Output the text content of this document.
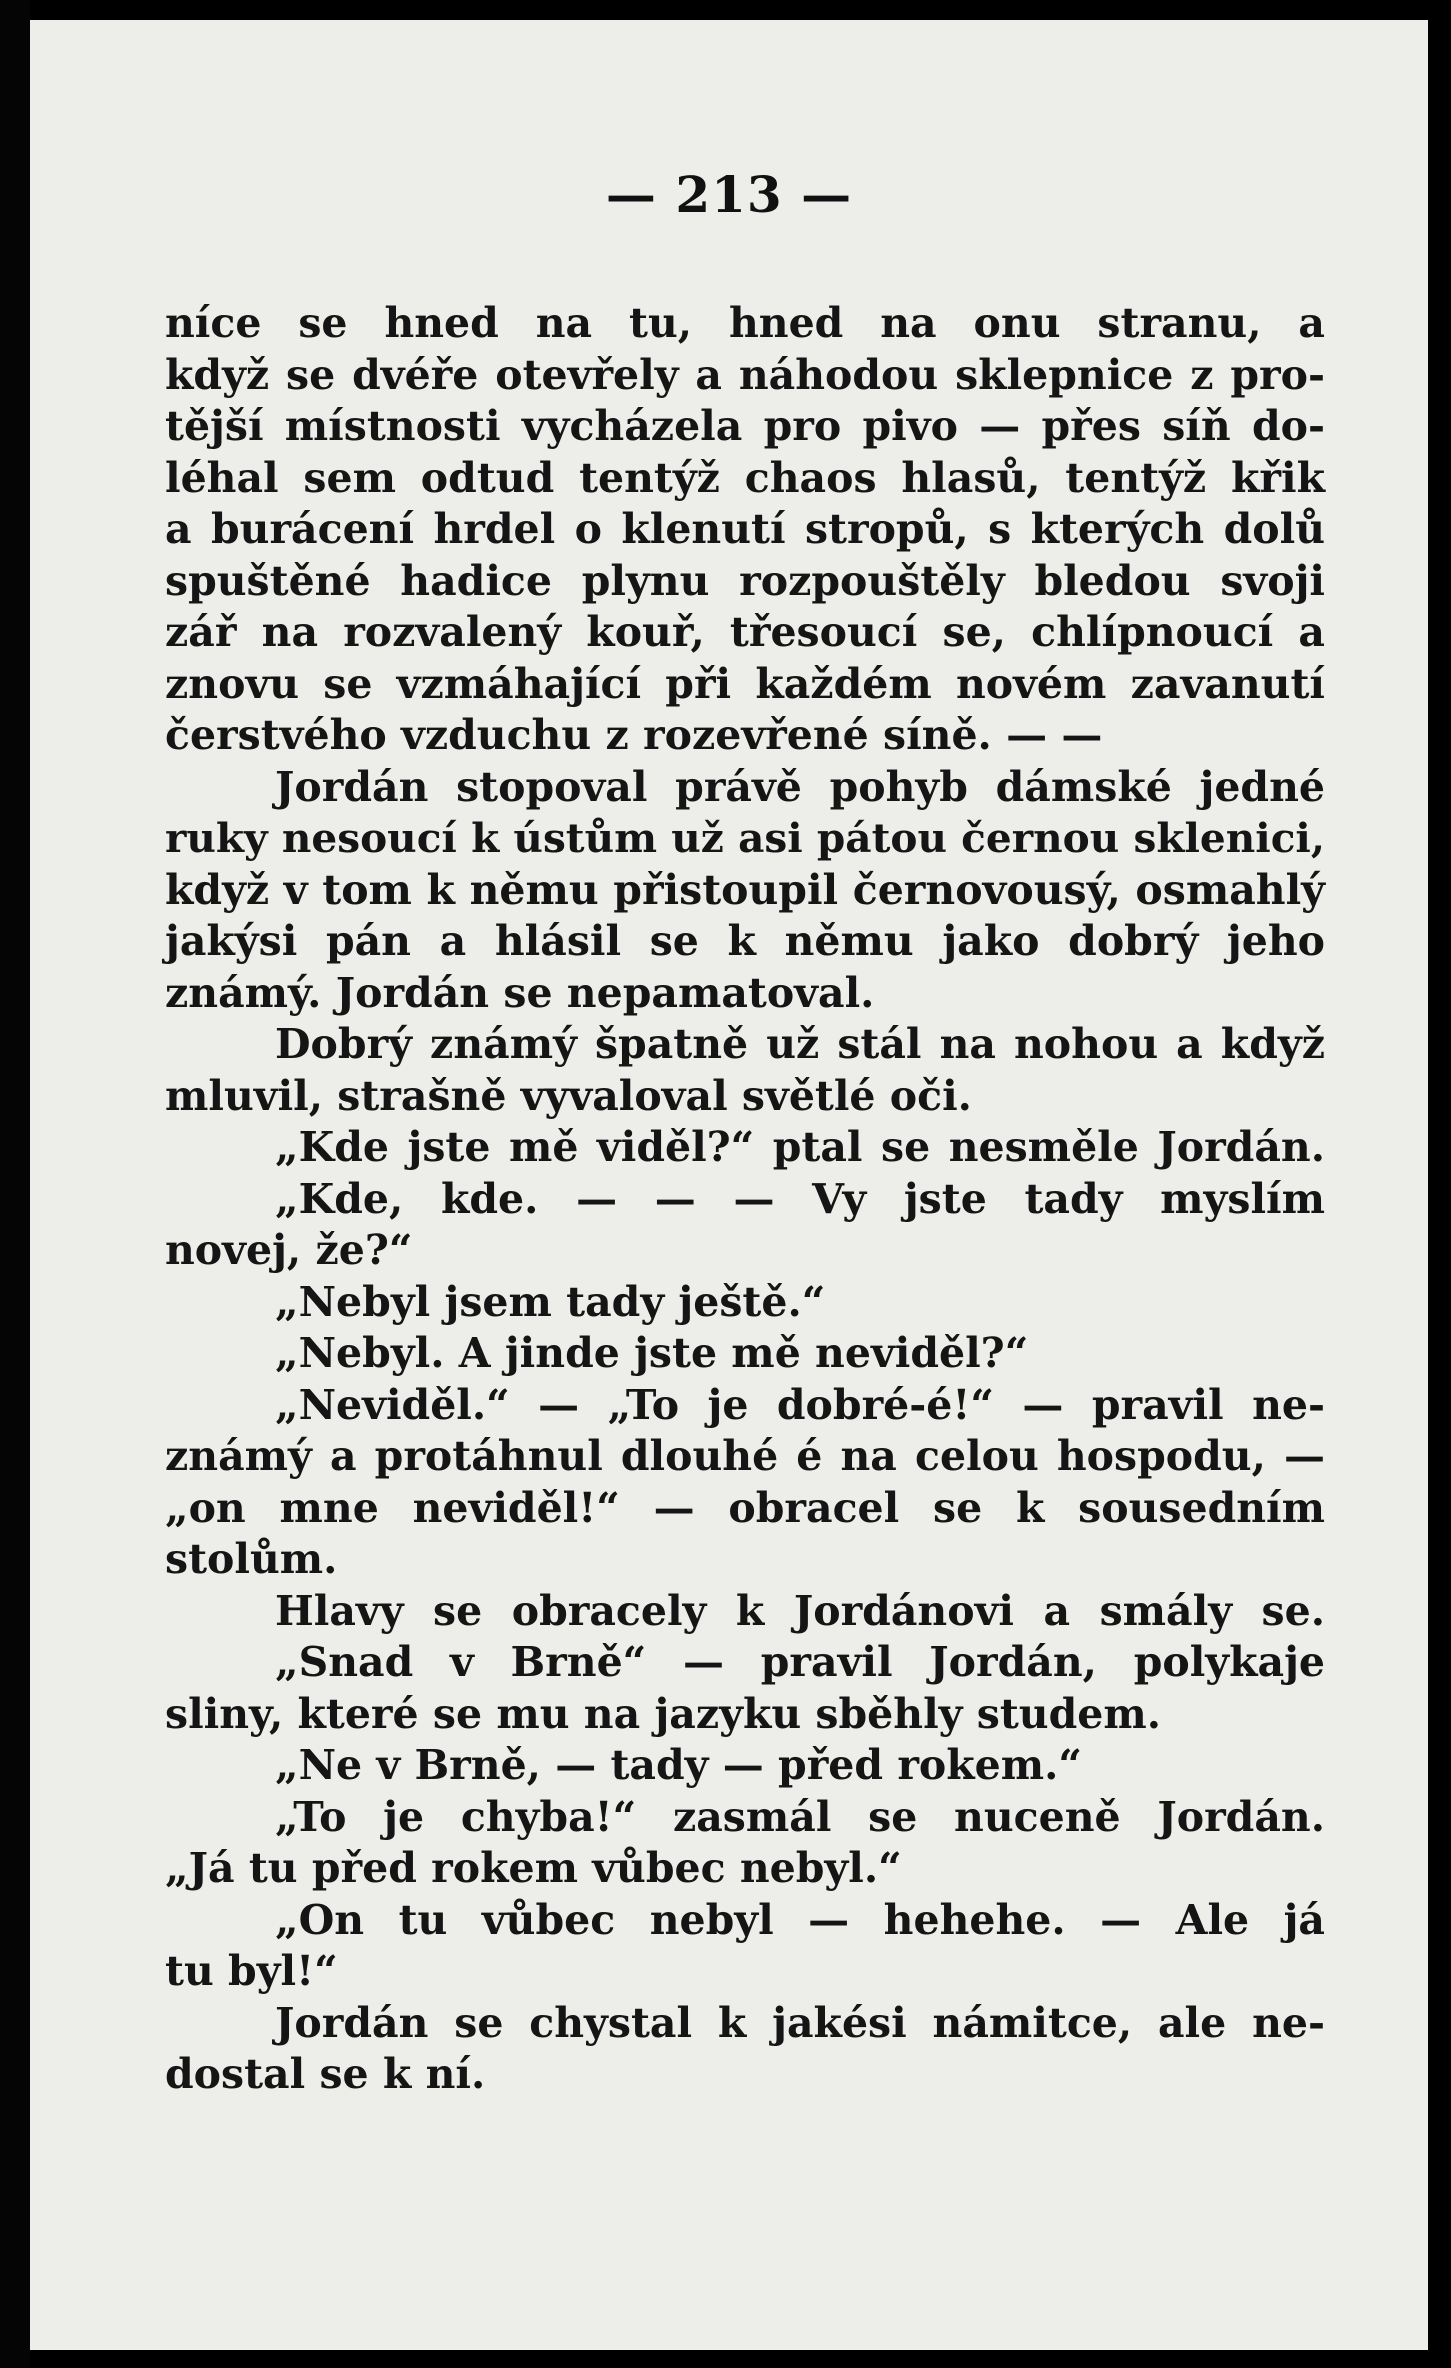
— 213 —
níce se hned na tu, hned na onu stranu, a
když se dvéře otevřely a náhodou sklepnice z pro-
tější místnosti vycházela pro pivo — přes síň do-
léhal sem odtud tentýž chaos hlasů, tentýž křik
a burácení hrdel o klenutí stropů, s kterých dolů
spuštěné hadice plynu rozpouštěly bledou svoji
zář na rozvalený kouř, třesoucí se, chlípnoucí a
znovu se vzmáhající při každém novém zavanutí
čerstvého vzduchu z rozevřené síně. — —
Jordán stopoval právě pohyb dámské jedné
ruky nesoucí k ústům už asi pátou černou sklenici,
když v tom k němu přistoupil černovousý, osmahlý
jakýsi pán a hlásil se k němu jako dobrý jeho
známý. Jordán se nepamatoval.
Dobrý známý špatně už stál na nohou a když
mluvil, strašně vyvaloval světlé oči.
„Kde jste mě viděl?“ ptal se nesměle Jordán.
„Kde, kde. — — — Vy jste tady myslím
novej, že?“
„Nebyl jsem tady ještě.“
„Nebyl. A jinde jste mě neviděl?“
„Neviděl.“ — „To je dobré-é!“ — pravil ne-
známý a protáhnul dlouhé é na celou hospodu, —
„on mne neviděl!“ — obracel se k sousedním
stolům.
Hlavy se obracely k Jordánovi a smály se.
„Snad v Brně“ — pravil Jordán, polykaje
sliny, které se mu na jazyku sběhly studem.
„Ne v Brně, — tady — před rokem.“
„To je chyba!“ zasmál se nuceně Jordán.
„Já tu před rokem vůbec nebyl.“
„On tu vůbec nebyl — hehehe. — Ale já
tu byl!“
Jordán se chystal k jakési námitce, ale ne-
dostal se k ní.
